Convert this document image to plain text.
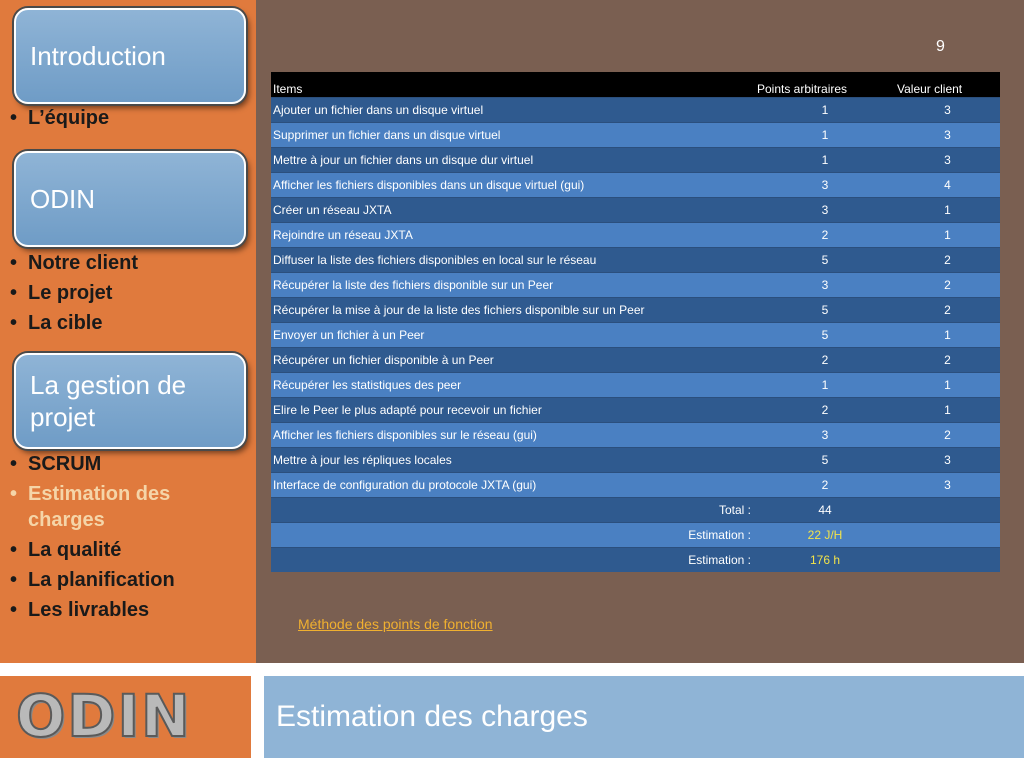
Introduction
• L’équipe
ODIN
• Notre client
• Le projet
• La cible
La gestion de projet
• SCRUM
• Estimation des charges
• La qualité
• La planification
• Les livrables
9
Items	Points arbitraires	Valeur client
Ajouter un fichier dans un disque virtuel	1	3
Supprimer un fichier dans un disque virtuel	1	3
Mettre à jour un fichier dans un disque dur virtuel	1	3
Afficher les fichiers disponibles dans un disque virtuel (gui)	3	4
Créer un réseau JXTA	3	1
Rejoindre un réseau JXTA	2	1
Diffuser la liste des fichiers disponibles en local sur le réseau	5	2
Récupérer la liste des fichiers disponible sur un Peer	3	2
Récupérer la mise à jour de la liste des fichiers disponible sur un Peer	5	2
Envoyer un fichier à un Peer	5	1
Récupérer un fichier disponible à un Peer	2	2
Récupérer les statistiques des peer	1	1
Elire le Peer le plus adapté pour recevoir un fichier	2	1
Afficher les fichiers disponibles sur le réseau (gui)	3	2
Mettre à jour les répliques locales	5	3
Interface de configuration du protocole JXTA (gui)	2	3
Total :	44	
Estimation :	22 J/H	
Estimation :	176 h	
Méthode des points de fonction
ODIN	Estimation des charges
